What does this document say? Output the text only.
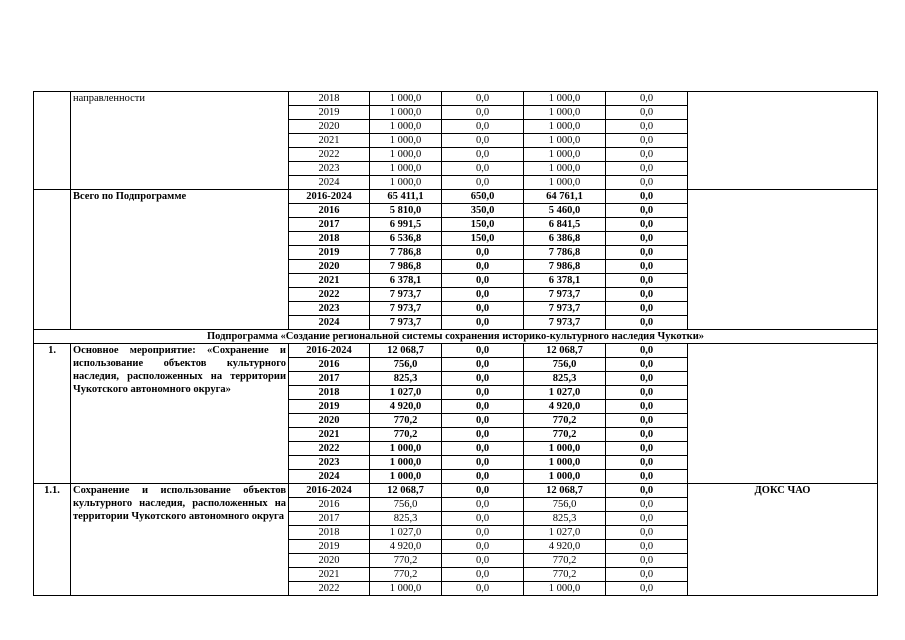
	направленности	2018	1 000,0	0,0	1 000,0	0,0	
		2019	1 000,0	0,0	1 000,0	0,0	
		2020	1 000,0	0,0	1 000,0	0,0	
		2021	1 000,0	0,0	1 000,0	0,0	
		2022	1 000,0	0,0	1 000,0	0,0	
		2023	1 000,0	0,0	1 000,0	0,0	
		2024	1 000,0	0,0	1 000,0	0,0	
	Всего по Подпрограмме	2016-2024	65 411,1	650,0	64 761,1	0,0	
		2016	5 810,0	350,0	5 460,0	0,0	
		2017	6 991,5	150,0	6 841,5	0,0	
		2018	6 536,8	150,0	6 386,8	0,0	
		2019	7 786,8	0,0	7 786,8	0,0	
		2020	7 986,8	0,0	7 986,8	0,0	
		2021	6 378,1	0,0	6 378,1	0,0	
		2022	7 973,7	0,0	7 973,7	0,0	
		2023	7 973,7	0,0	7 973,7	0,0	
		2024	7 973,7	0,0	7 973,7	0,0	
Подпрограмма «Создание региональной системы сохранения историко-культурного наследия Чукотки»							
1.	Основное мероприятие: «Сохранение и использование объектов культурного наследия, расположенных на территории Чукотского автономного округа»	2016-2024	12 068,7	0,0	12 068,7	0,0	
		2016	756,0	0,0	756,0	0,0	
		2017	825,3	0,0	825,3	0,0	
		2018	1 027,0	0,0	1 027,0	0,0	
		2019	4 920,0	0,0	4 920,0	0,0	
		2020	770,2	0,0	770,2	0,0	
		2021	770,2	0,0	770,2	0,0	
		2022	1 000,0	0,0	1 000,0	0,0	
		2023	1 000,0	0,0	1 000,0	0,0	
		2024	1 000,0	0,0	1 000,0	0,0	
1.1.	Сохранение и использование объектов культурного наследия, расположенных на территории Чукотского автономного округа	2016-2024	12 068,7	0,0	12 068,7	0,0	ДОКС ЧАО
		2016	756,0	0,0	756,0	0,0	
		2017	825,3	0,0	825,3	0,0	
		2018	1 027,0	0,0	1 027,0	0,0	
		2019	4 920,0	0,0	4 920,0	0,0	
		2020	770,2	0,0	770,2	0,0	
		2021	770,2	0,0	770,2	0,0	
		2022	1 000,0	0,0	1 000,0	0,0	
